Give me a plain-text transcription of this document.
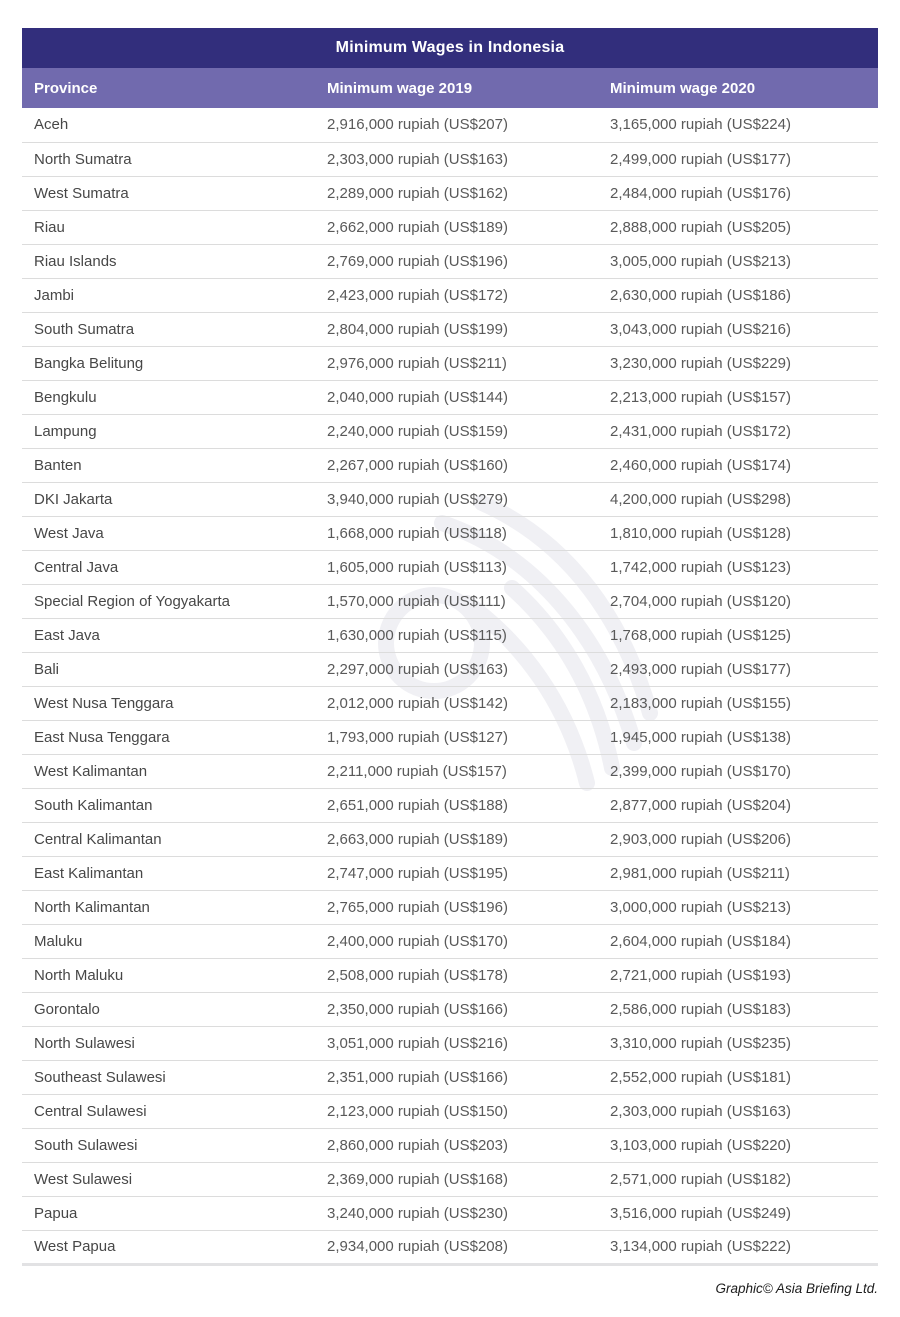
Minimum Wages in Indonesia
Province	Minimum wage 2019	Minimum wage 2020
Aceh	2,916,000 rupiah (US$207)	3,165,000 rupiah (US$224)
North Sumatra	2,303,000 rupiah (US$163)	2,499,000 rupiah (US$177)
West Sumatra	2,289,000 rupiah (US$162)	2,484,000 rupiah (US$176)
Riau	2,662,000 rupiah (US$189)	2,888,000 rupiah (US$205)
Riau Islands	2,769,000 rupiah (US$196)	3,005,000 rupiah (US$213)
Jambi	2,423,000 rupiah (US$172)	2,630,000 rupiah (US$186)
South Sumatra	2,804,000 rupiah (US$199)	3,043,000 rupiah (US$216)
Bangka Belitung	2,976,000 rupiah (US$211)	3,230,000 rupiah (US$229)
Bengkulu	2,040,000 rupiah (US$144)	2,213,000 rupiah (US$157)
Lampung	2,240,000 rupiah (US$159)	2,431,000 rupiah (US$172)
Banten	2,267,000 rupiah (US$160)	2,460,000 rupiah (US$174)
DKI Jakarta	3,940,000 rupiah (US$279)	4,200,000 rupiah (US$298)
West Java	1,668,000 rupiah (US$118)	1,810,000 rupiah (US$128)
Central Java	1,605,000 rupiah (US$113)	1,742,000 rupiah (US$123)
Special Region of Yogyakarta	1,570,000 rupiah (US$111)	2,704,000 rupiah (US$120)
East Java	1,630,000 rupiah (US$115)	1,768,000 rupiah (US$125)
Bali	2,297,000 rupiah (US$163)	2,493,000 rupiah (US$177)
West Nusa Tenggara	2,012,000 rupiah (US$142)	2,183,000 rupiah (US$155)
East Nusa Tenggara	1,793,000 rupiah (US$127)	1,945,000 rupiah (US$138)
West Kalimantan	2,211,000 rupiah (US$157)	2,399,000 rupiah (US$170)
South Kalimantan	2,651,000 rupiah (US$188)	2,877,000 rupiah (US$204)
Central Kalimantan	2,663,000 rupiah (US$189)	2,903,000 rupiah (US$206)
East Kalimantan	2,747,000 rupiah (US$195)	2,981,000 rupiah (US$211)
North Kalimantan	2,765,000 rupiah (US$196)	3,000,000 rupiah (US$213)
Maluku	2,400,000 rupiah (US$170)	2,604,000 rupiah (US$184)
North Maluku	2,508,000 rupiah (US$178)	2,721,000 rupiah (US$193)
Gorontalo	2,350,000 rupiah (US$166)	2,586,000 rupiah (US$183)
North Sulawesi	3,051,000 rupiah (US$216)	3,310,000 rupiah (US$235)
Southeast Sulawesi	2,351,000 rupiah (US$166)	2,552,000 rupiah (US$181)
Central Sulawesi	2,123,000 rupiah (US$150)	2,303,000 rupiah (US$163)
South Sulawesi	2,860,000 rupiah (US$203)	3,103,000 rupiah (US$220)
West Sulawesi	2,369,000 rupiah (US$168)	2,571,000 rupiah (US$182)
Papua	3,240,000 rupiah (US$230)	3,516,000 rupiah (US$249)
West Papua	2,934,000 rupiah (US$208)	3,134,000 rupiah (US$222)
Graphic© Asia Briefing Ltd.
